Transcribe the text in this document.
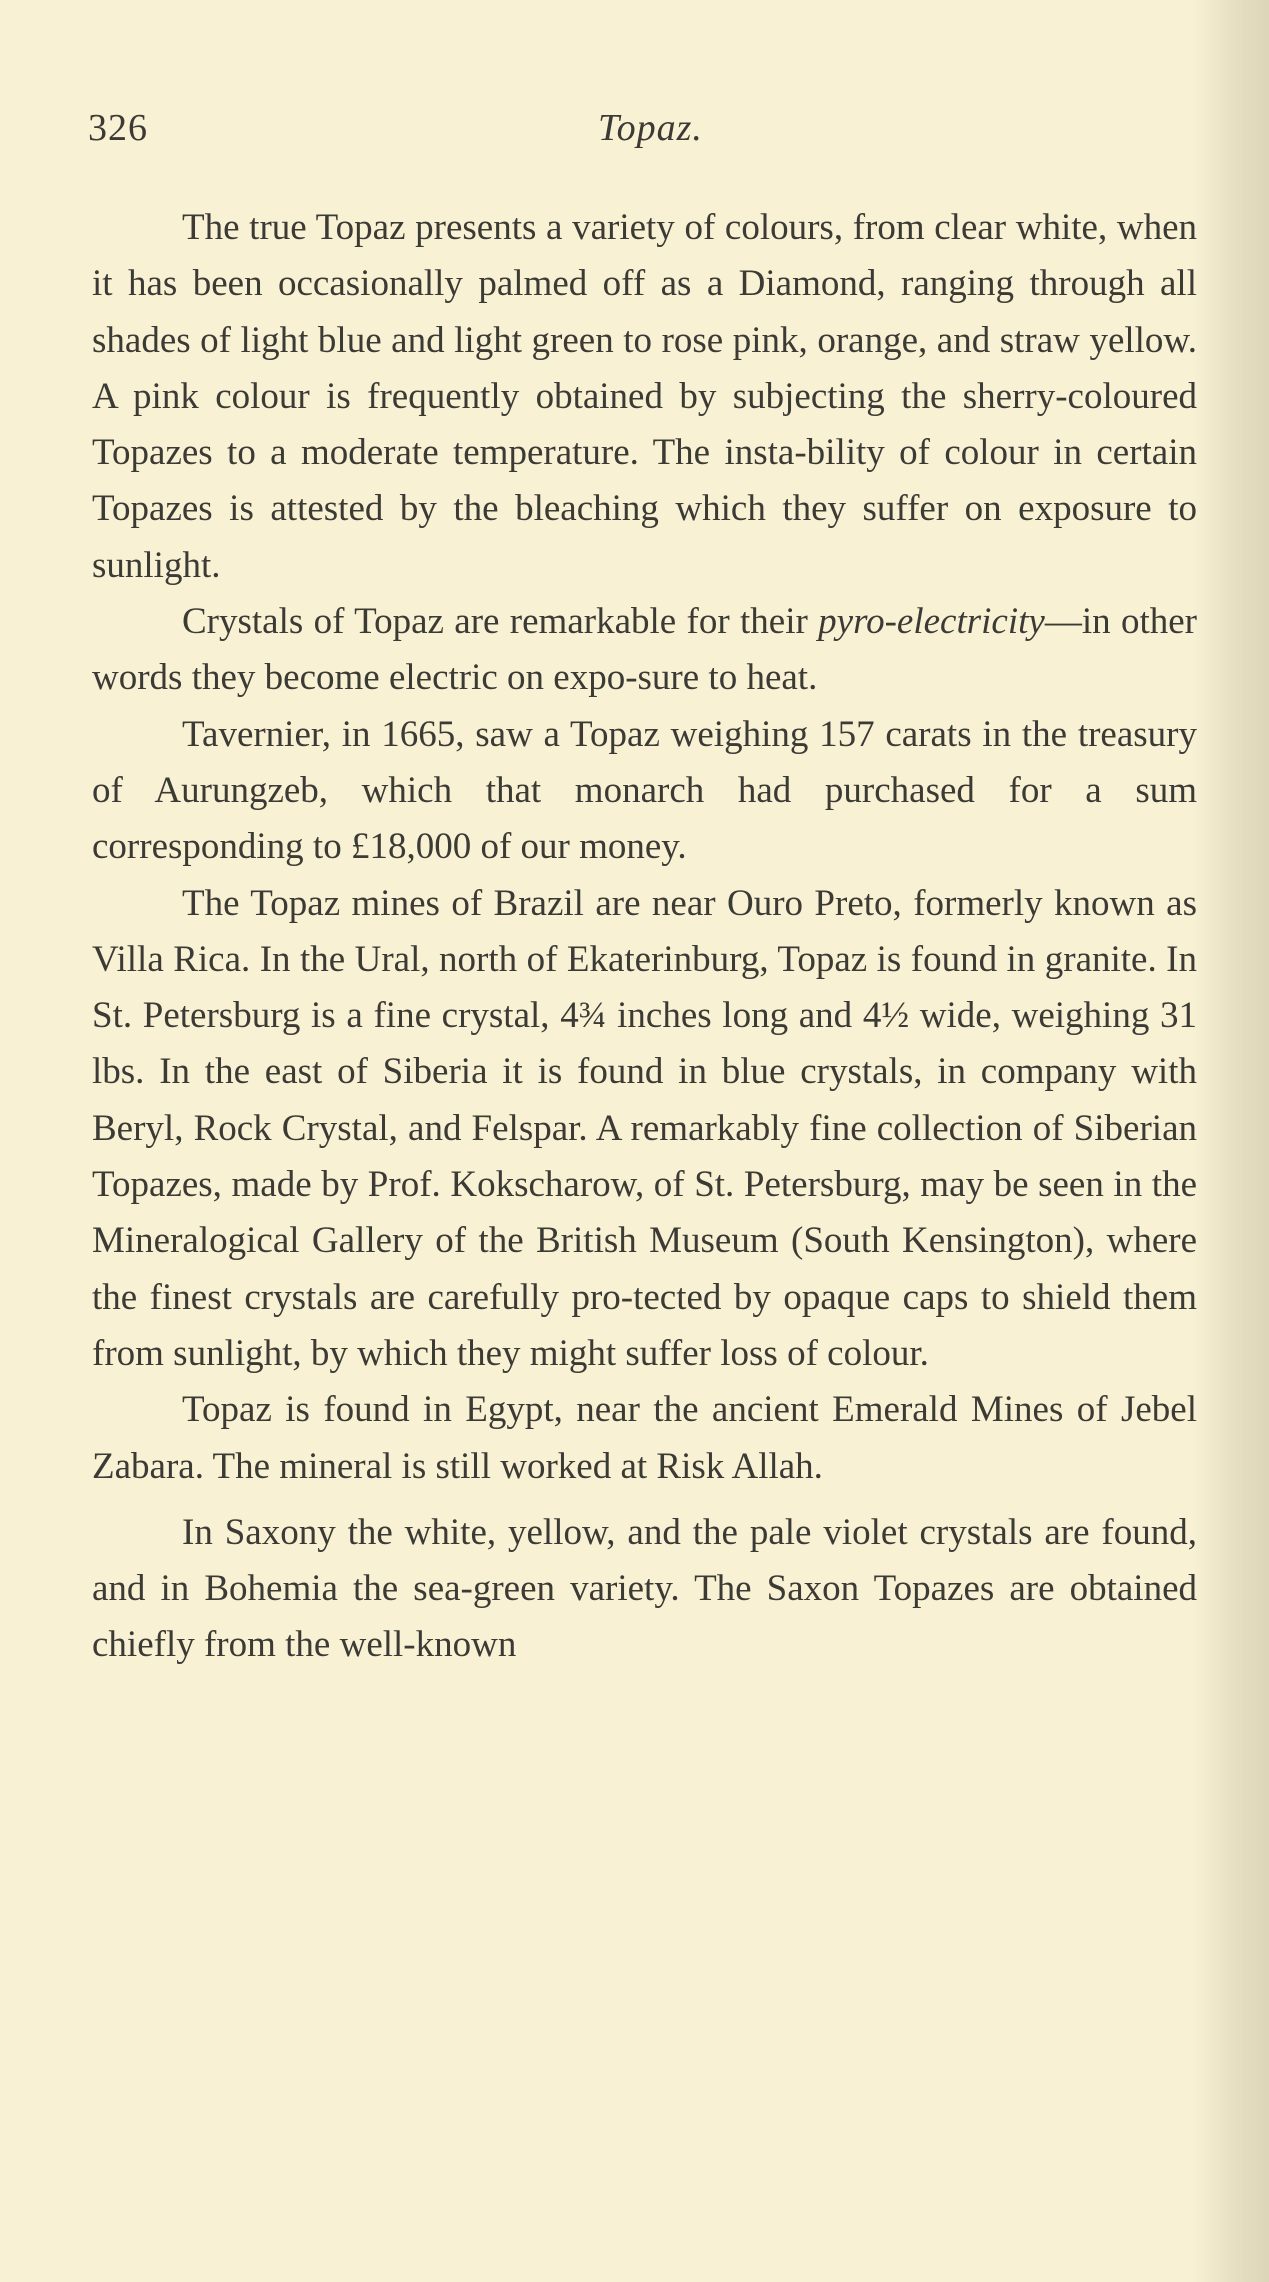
326	Topaz.

The true Topaz presents a variety of colours, from clear white, when it has been occasionally palmed off as a Diamond, ranging through all shades of light blue and light green to rose pink, orange, and straw yellow. A pink colour is frequently obtained by subjecting the sherry-coloured Topazes to a moderate temperature. The insta-bility of colour in certain Topazes is attested by the bleaching which they suffer on exposure to sunlight.

Crystals of Topaz are remarkable for their pyro-electricity—in other words they become electric on expo-sure to heat.

Tavernier, in 1665, saw a Topaz weighing 157 carats in the treasury of Aurungzeb, which that monarch had purchased for a sum corresponding to £18,000 of our money.

The Topaz mines of Brazil are near Ouro Preto, formerly known as Villa Rica. In the Ural, north of Ekaterinburg, Topaz is found in granite. In St. Petersburg is a fine crystal, 4¾ inches long and 4½ wide, weighing 31 lbs. In the east of Siberia it is found in blue crystals, in company with Beryl, Rock Crystal, and Felspar. A remarkably fine collection of Siberian Topazes, made by Prof. Kokscharow, of St. Petersburg, may be seen in the Mineralogical Gallery of the British Museum (South Kensington), where the finest crystals are carefully pro-tected by opaque caps to shield them from sunlight, by which they might suffer loss of colour.

Topaz is found in Egypt, near the ancient Emerald Mines of Jebel Zabara. The mineral is still worked at Risk Allah.

In Saxony the white, yellow, and the pale violet crystals are found, and in Bohemia the sea-green variety. The Saxon Topazes are obtained chiefly from the well-known
